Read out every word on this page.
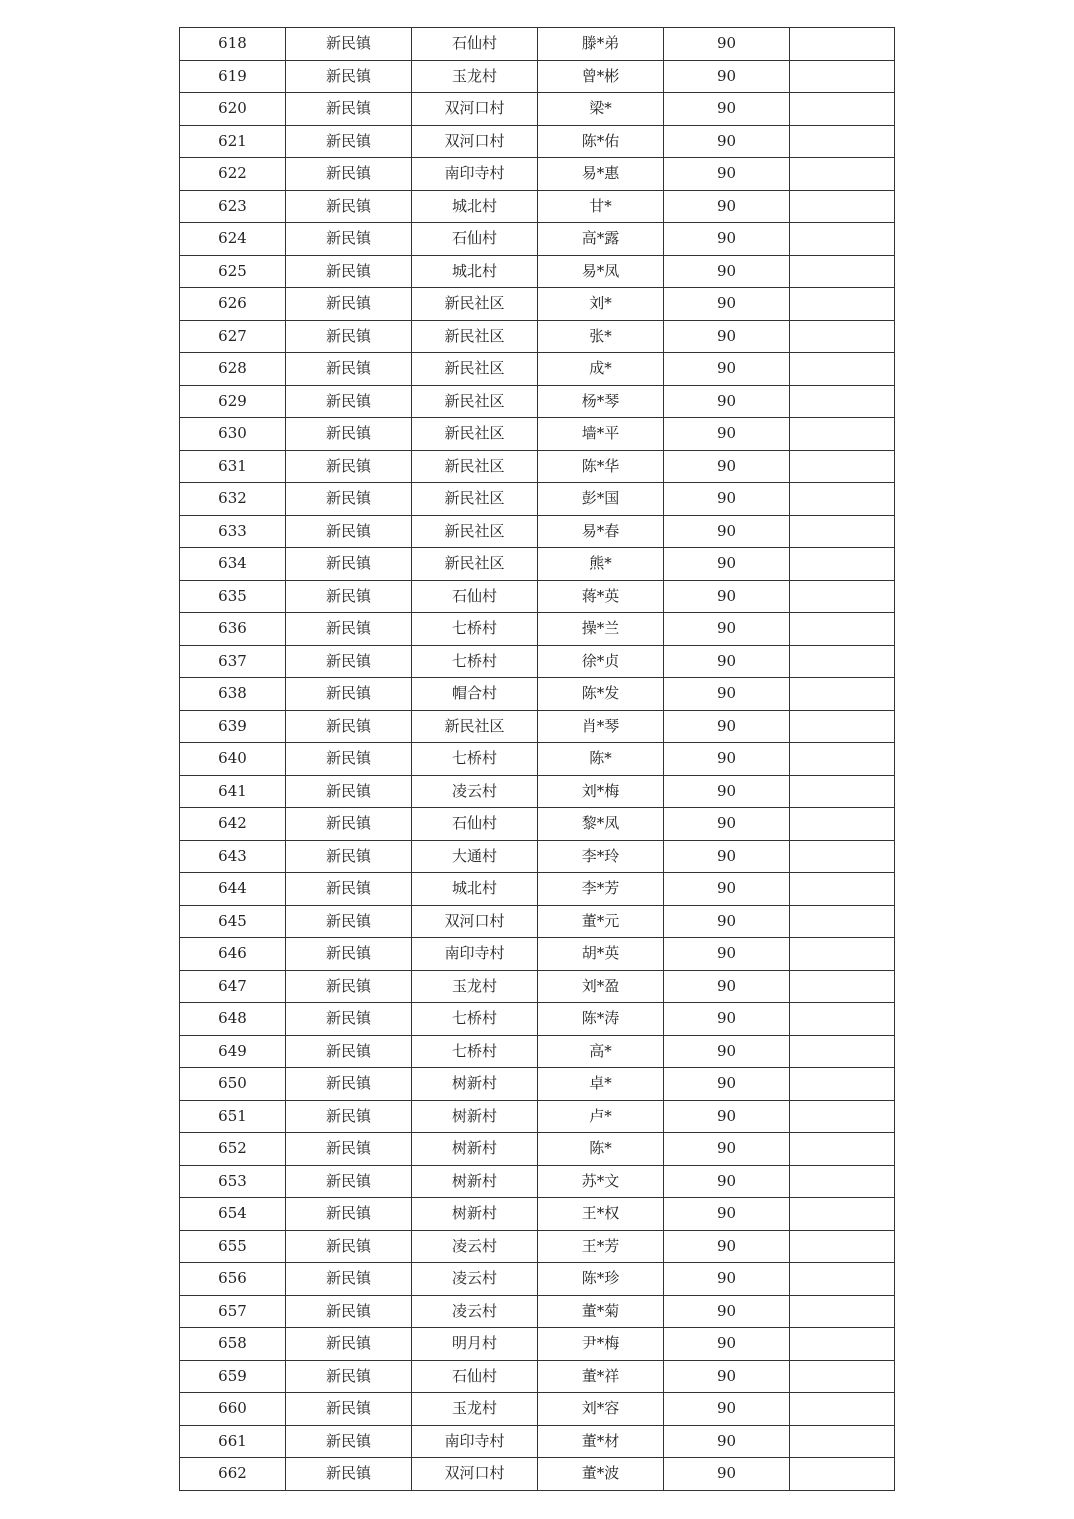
618	新民镇	石仙村	滕*弟	90	
619	新民镇	玉龙村	曾*彬	90	
620	新民镇	双河口村	梁*	90	
621	新民镇	双河口村	陈*佑	90	
622	新民镇	南印寺村	易*惠	90	
623	新民镇	城北村	甘*	90	
624	新民镇	石仙村	高*露	90	
625	新民镇	城北村	易*凤	90	
626	新民镇	新民社区	刘*	90	
627	新民镇	新民社区	张*	90	
628	新民镇	新民社区	成*	90	
629	新民镇	新民社区	杨*琴	90	
630	新民镇	新民社区	墙*平	90	
631	新民镇	新民社区	陈*华	90	
632	新民镇	新民社区	彭*国	90	
633	新民镇	新民社区	易*春	90	
634	新民镇	新民社区	熊*	90	
635	新民镇	石仙村	蒋*英	90	
636	新民镇	七桥村	操*兰	90	
637	新民镇	七桥村	徐*贞	90	
638	新民镇	帽合村	陈*发	90	
639	新民镇	新民社区	肖*琴	90	
640	新民镇	七桥村	陈*	90	
641	新民镇	凌云村	刘*梅	90	
642	新民镇	石仙村	黎*凤	90	
643	新民镇	大通村	李*玲	90	
644	新民镇	城北村	李*芳	90	
645	新民镇	双河口村	董*元	90	
646	新民镇	南印寺村	胡*英	90	
647	新民镇	玉龙村	刘*盈	90	
648	新民镇	七桥村	陈*涛	90	
649	新民镇	七桥村	高*	90	
650	新民镇	树新村	卓*	90	
651	新民镇	树新村	卢*	90	
652	新民镇	树新村	陈*	90	
653	新民镇	树新村	苏*文	90	
654	新民镇	树新村	王*权	90	
655	新民镇	凌云村	王*芳	90	
656	新民镇	凌云村	陈*珍	90	
657	新民镇	凌云村	董*菊	90	
658	新民镇	明月村	尹*梅	90	
659	新民镇	石仙村	董*祥	90	
660	新民镇	玉龙村	刘*容	90	
661	新民镇	南印寺村	董*材	90	
662	新民镇	双河口村	董*波	90	
